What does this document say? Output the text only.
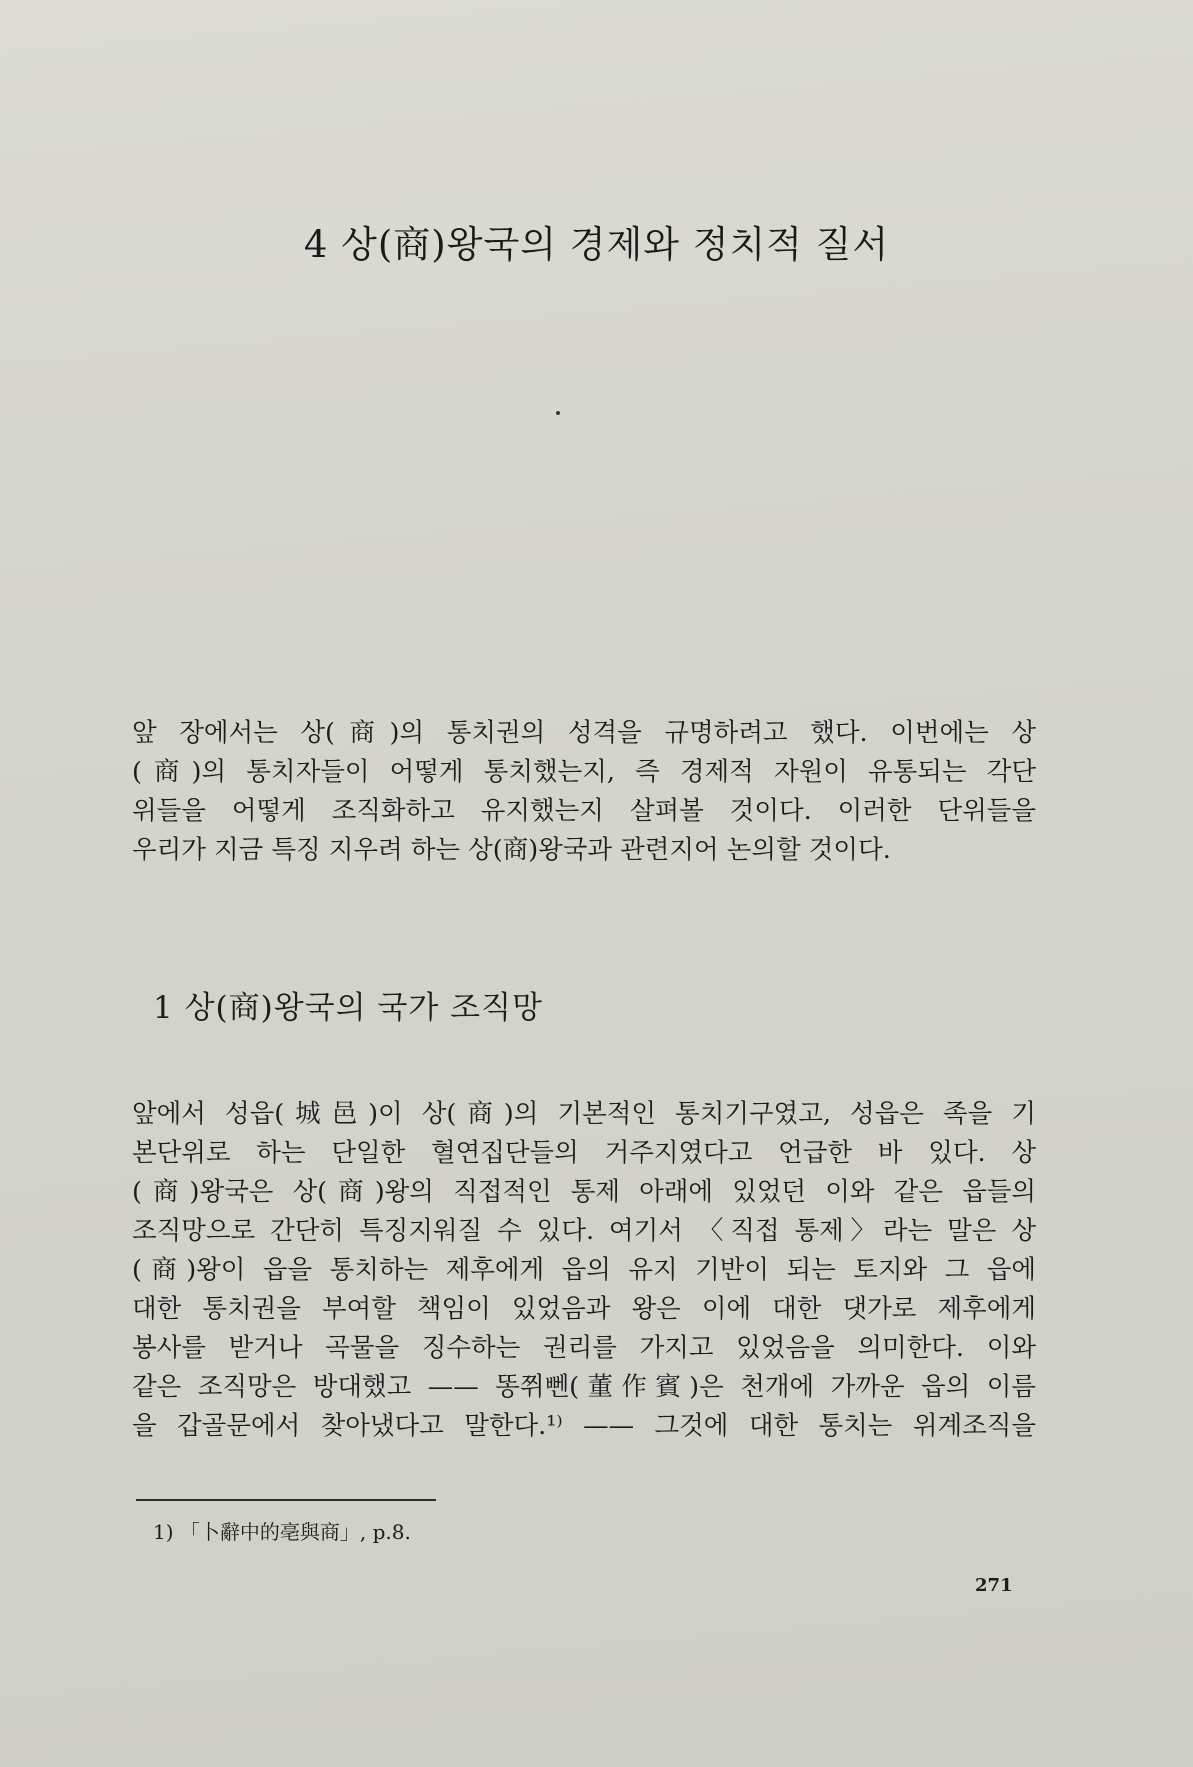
4 상(商)왕국의 경제와 정치적 질서

앞 장에서는 상(商)의 통치권의 성격을 규명하려고 했다. 이번에는 상
(商)의 통치자들이 어떻게 통치했는지, 즉 경제적 자원이 유통되는 각단
위들을 어떻게 조직화하고 유지했는지 살펴볼 것이다. 이러한 단위들을
우리가 지금 특징 지우려 하는 상(商)왕국과 관련지어 논의할 것이다.

1 상(商)왕국의 국가 조직망

앞에서 성읍(城邑)이 상(商)의 기본적인 통치기구였고, 성읍은 족을 기
본단위로 하는 단일한 혈연집단들의 거주지였다고 언급한 바 있다. 상
(商)왕국은 상(商)왕의 직접적인 통제 아래에 있었던 이와 같은 읍들의
조직망으로 간단히 특징지워질 수 있다. 여기서 〈직접 통제〉라는 말은 상
(商)왕이 읍을 통치하는 제후에게 읍의 유지 기반이 되는 토지와 그 읍에
대한 통치권을 부여할 책임이 있었음과 왕은 이에 대한 댓가로 제후에게
봉사를 받거나 곡물을 징수하는 권리를 가지고 있었음을 의미한다. 이와
같은 조직망은 방대했고 —— 똥쮜뻰(董作賓)은 천개에 가까운 읍의 이름
을 갑골문에서 찾아냈다고 말한다.¹⁾ —— 그것에 대한 통치는 위계조직을

1) 「卜辭中的亳與商」, p.8.

271
